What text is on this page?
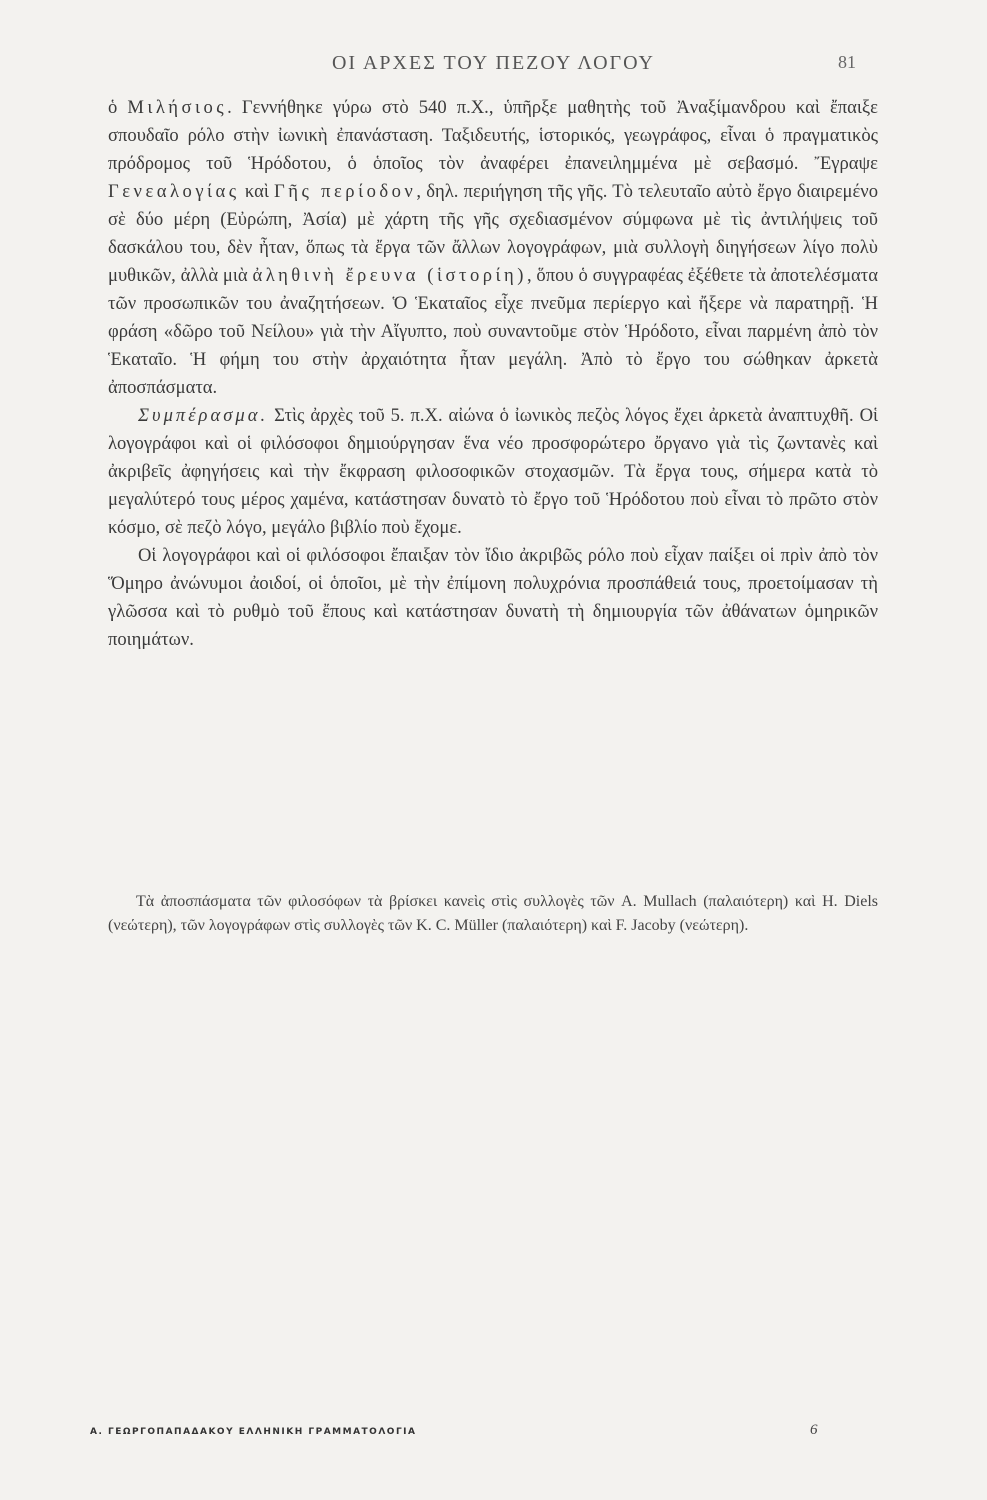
ΟΙ ΑΡΧΕΣ ΤΟΥ ΠΕΖΟΥ ΛΟΓΟΥ	81

ὁ Μιλήσιος. Γεννήθηκε γύρω στὸ 540 π.Χ., ὑπῆρξε μαθητὴς τοῦ Ἀναξίμανδρου καὶ ἔπαιξε σπουδαῖο ρόλο στὴν ἰωνικὴ ἐπανάσταση. Ταξιδευτής, ἱστορικός, γεωγράφος, εἶναι ὁ πραγματικὸς πρόδρομος τοῦ Ἡρόδοτου, ὁ ὁποῖος τὸν ἀναφέρει ἐπανειλημμένα μὲ σεβασμό. Ἔγραψε Γενεαλογίας καὶ Γῆς περίοδον, δηλ. περιήγηση τῆς γῆς. Τὸ τελευταῖο αὐτὸ ἔργο διαιρεμένο σὲ δύο μέρη (Εὐρώπη, Ἀσία) μὲ χάρτη τῆς γῆς σχεδιασμένον σύμφωνα μὲ τὶς ἀντιλήψεις τοῦ δασκάλου του, δὲν ἦταν, ὅπως τὰ ἔργα τῶν ἄλλων λογογράφων, μιὰ συλλογὴ διηγήσεων λίγο πολὺ μυθικῶν, ἀλλὰ μιὰ ἀληθινὴ ἔρευνα (ἱστορίη), ὅπου ὁ συγγραφέας ἐξέθετε τὰ ἀποτελέσματα τῶν προσωπικῶν του ἀναζητήσεων. Ὁ Ἑκαταῖος εἶχε πνεῦμα περίεργο καὶ ἤξερε νὰ παρατηρῇ. Ἡ φράση «δῶρο τοῦ Νείλου» γιὰ τὴν Αἴγυπτο, ποὺ συναντοῦμε στὸν Ἡρόδοτο, εἶναι παρμένη ἀπὸ τὸν Ἑκαταῖο. Ἡ φήμη του στὴν ἀρχαιότητα ἦταν μεγάλη. Ἀπὸ τὸ ἔργο του σώθηκαν ἀρκετὰ ἀποσπάσματα.

Συμπέρασμα. Στὶς ἀρχὲς τοῦ 5. π.Χ. αἰώνα ὁ ἰωνικὸς πεζὸς λόγος ἔχει ἀρκετὰ ἀναπτυχθῆ. Οἱ λογογράφοι καὶ οἱ φιλόσοφοι δημιούργησαν ἕνα νέο προσφορώτερο ὄργανο γιὰ τὶς ζωντανὲς καὶ ἀκριβεῖς ἀφηγήσεις καὶ τὴν ἔκφραση φιλοσοφικῶν στοχασμῶν. Τὰ ἔργα τους, σήμερα κατὰ τὸ μεγαλύτερό τους μέρος χαμένα, κατάστησαν δυνατὸ τὸ ἔργο τοῦ Ἡρόδοτου ποὺ εἶναι τὸ πρῶτο στὸν κόσμο, σὲ πεζὸ λόγο, μεγάλο βιβλίο ποὺ ἔχομε.

Οἱ λογογράφοι καὶ οἱ φιλόσοφοι ἔπαιξαν τὸν ἴδιο ἀκριβῶς ρόλο ποὺ εἶχαν παίξει οἱ πρὶν ἀπὸ τὸν Ὅμηρο ἀνώνυμοι ἀοιδοί, οἱ ὁποῖοι, μὲ τὴν ἐπίμονη πολυχρόνια προσπάθειά τους, προετοίμασαν τὴ γλῶσσα καὶ τὸ ρυθμὸ τοῦ ἔπους καὶ κατάστησαν δυνατὴ τὴ δημιουργία τῶν ἀθάνατων ὁμηρικῶν ποιημάτων.

Τὰ ἀποσπάσματα τῶν φιλοσόφων τὰ βρίσκει κανεὶς στὶς συλλογὲς τῶν A. Mullach (παλαιότερη) καὶ H. Diels (νεώτερη), τῶν λογογράφων στὶς συλλογὲς τῶν K. C. Müller (παλαιότερη) καὶ F. Jacoby (νεώτερη).
Α. ΓΕΩΡΓΟΠΑΠΑΔΑΚΟΥ ΕΛΛΗΝΙΚΗ ΓΡΑΜΜΑΤΟΛΟΓΙΑ	6
